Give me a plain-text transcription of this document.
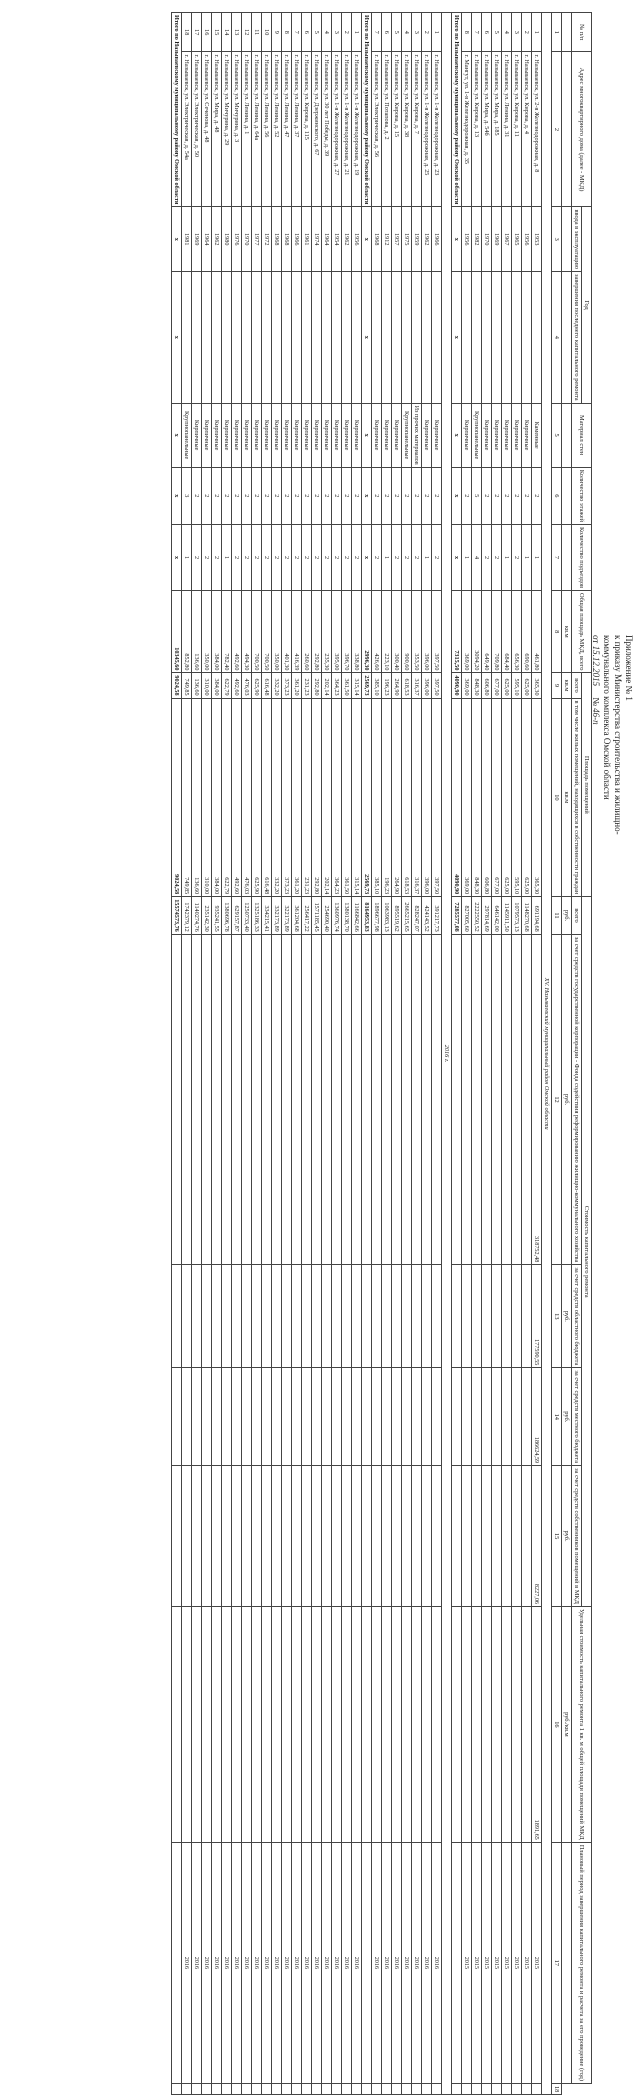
Приложение № 1
к приказу Министерства строительства и жилищно-коммунального комплекса Омской области
от 15.12.2015     № 46-п
№ п/п	Адрес многоквартирного дома (далее - МКД)	Год		Материал стен	Количество этажей	Количество подъездов	Общая площадь МКД, всего	Площадь помещений		Стоимость капитального ремонта					Удельная стоимость капитального ремонта 1 кв. м общей площади помещений МКД	Плановый период завершения капитального ремонта и расчета за его проведение (год)	
		ввода в эксплуатацию	завершения последнего капитального ремонта					всего	в том числе жилых помещений, находящихся в собственности граждан	всего	за счет средств государственной корпорации - Фонда содействия реформированию жилищно-коммунального хозяйства	за счет средств областного бюджета	за счет средств местного бюджета	за счет средств собственников помещений в МКД			
							кв.м	кв.м	кв.м	руб.	руб.	руб.	руб.	руб.	руб./кв.м		
1	2	3	4	5	6	7	8	9	10	11	12	13	14	15	16	17	18
XV. Называевский муниципальный район Омской области																	
1	г. Называевск, ул. 2-я Железнодорожная, д. 8	1953		Каменные	2	1	461,80	365,30	365,30	691194,68	318752,48	177590,55	186624,59	8227,06	1891,65	2015	
2	г. Называевск, ул. Кирова, д. 4	1956		Кирпичные	2	1	690,60	625,00	625,00	1148270,68						2015	
3	г. Называевск, ул. Кирова, д. 11	1965		Кирпичные	2	2	656,30	595,10	595,10	1079573,13						2015	
4	г. Называевск, ул. Ленина, д. 31	1967		Кирпичные	2	1	684,40	625,00	625,00	1145911,50						2015	
5	г. Называевск, ул. Мира, д. 185	1969		Кирпичные	2	2	709,80	677,00	677,00	646142,00						2015	
6	г. Называевск, ул. Мира, д. 54б	1970		Кирпичные	2	2	649,40	606,80	606,80	297814,69						2015	
7	г. Называевск, ул. Кирова, д. 13	1982		Крупнопанельные	5	4	3094,20	848,30	848,30	2222550,52						2015	
8	г. Мангут, ул. 1-я Железнодорожная, д. 35	1956		Кирпичные	2	1	369,00	369,00	369,00	827005,60						2015	
Итого по Называевскому муниципальному району Омской области		x	x	x	x	x	7315,50	4090,90	4090,90	7285577,08							
2016 г.																	
1	г. Называевск, ул. 1-я Железнодорожная, д. 23	1966		Кирпичные	2	2	397,50	397,50	397,50	391217,73						2016	
2	г. Называевск, ул. 1-я Железнодорожная, д. 25	1962		Кирпичные	2	1	396,00	396,00	396,00	424143,52						2016	
3	г. Называевск, ул. Кирова, д. 7	1959		Из прочих материалов	2	2	353,50	316,37	316,37	828247,07						2016	
4	г. Называевск, ул. Кирова, д. 38	1975		Крупнопанельные	2	2	900,60	618,53	618,53	2665215,65						2016	
5	г. Называевск, ул. Кирова, д. 15	1957		Кирпичные	2	2	300,40	264,90	264,90	895519,62						2016	
6	г. Называевск, ул. Потапова, д. 2	1912		Кирпичные	2	1	223,10	196,23	196,23	1063983,13						2016	
7	г. Называевск, ул. Электрическая, д. 56	1968		Кирпичные	2	2	426,60	385,10	385,10	1896677,98						2016	
Итого по Называевскому муниципальному району Омской области		x	x	x	x	x	2996,30	2569,73	2569,73	8164953,83							
1	г. Называевск, ул. 1-я Железнодорожная, д. 19	1956		Кирпичные	2	2	338,80	315,14	315,14	1166842,66						2016	
2	г. Называевск, ул. 1-я Железнодорожная, д. 21	1962		Кирпичные	2	2	396,70	361,50	361,50	1380138,70						2016	
3	г. Называевск, ул. 1-я Железнодорожная, д. 27	1954		Кирпичные	2	2	395,00	364,23	364,23	1360976,74						2016	
4	г. Называевск, ул. 30 лет Победы, д. 39	1964		Кирпичные	2	2	235,30	202,14	202,14	254690,40						2016	
5	г. Называевск, ул. Дзержинского, д. 67	1974		Кирпичные	2	2	292,80	292,80	292,80	1571185,45						2016	
6	г. Называевск, ул. Кирова, д. 115	1961		Кирпичные	2	2	260,60	231,23	231,23	256417,22						2016	
7	г. Называевск, ул. Ленина, д. 37	1966		Кирпичные	2	2	416,39	361,20	361,20	361204,68						2016	
8	г. Называевск, ул. Ленина, д. 47	1968		Кирпичные	2	2	401,30	373,23	373,23	322173,89						2016	
9	г. Называевск, ул. Ленина, д. 52	1968		Кирпичные	2	2	350,00	332,20	332,20	332173,89						2016	
10	г. Называевск, ул. Ленина, д. 56	1972		Кирпичные	2	2	700,50	616,48	616,48	334215,41						2016	
11	г. Называевск, ул. Ленина, д. 64а	1977		Кирпичные	2	2	700,50	625,90	625,90	1325186,33						2016	
12	г. Называевск, ул. Ленина, д. 1	1970		Кирпичные	2	2	494,30	476,03	476,03	1250733,40						2016	
13	г. Называевск, ул. Мичурина, д. 3	1976		Кирпичные	2	2	492,60	492,60	492,60	629157,87						2016	
14	г. Называевск, ул. Мичурина, д. 29	1980		Кирпичные	2	1	782,40	622,79	622,79	1380696,78						2016	
15	г. Называевск, ул. Мира, д. 48	1962		Кирпичные	2	2	384,00	384,00	384,00	935241,55						2016	
16	г. Называевск, ул. Сеченова, д. 48	1964		Кирпичные	2	2	350,00	310,00	310,00	235142,30						2016	
17	г. Называевск, ул. Электрическая, д. 50	1969		Кирпичные	2	2	136,60	136,60	136,60	1140274,76						2016	
18	г. Называевск, ул. Электрическая, д. 54а	1981		Крупнопанельные	3	1	852,80	749,85	749,85	1742379,12						2016	
Итого по Называевскому муниципальному району Омской области		x	x	x	x	x	10345,60	9024,58	9024,58	15574573,76							
